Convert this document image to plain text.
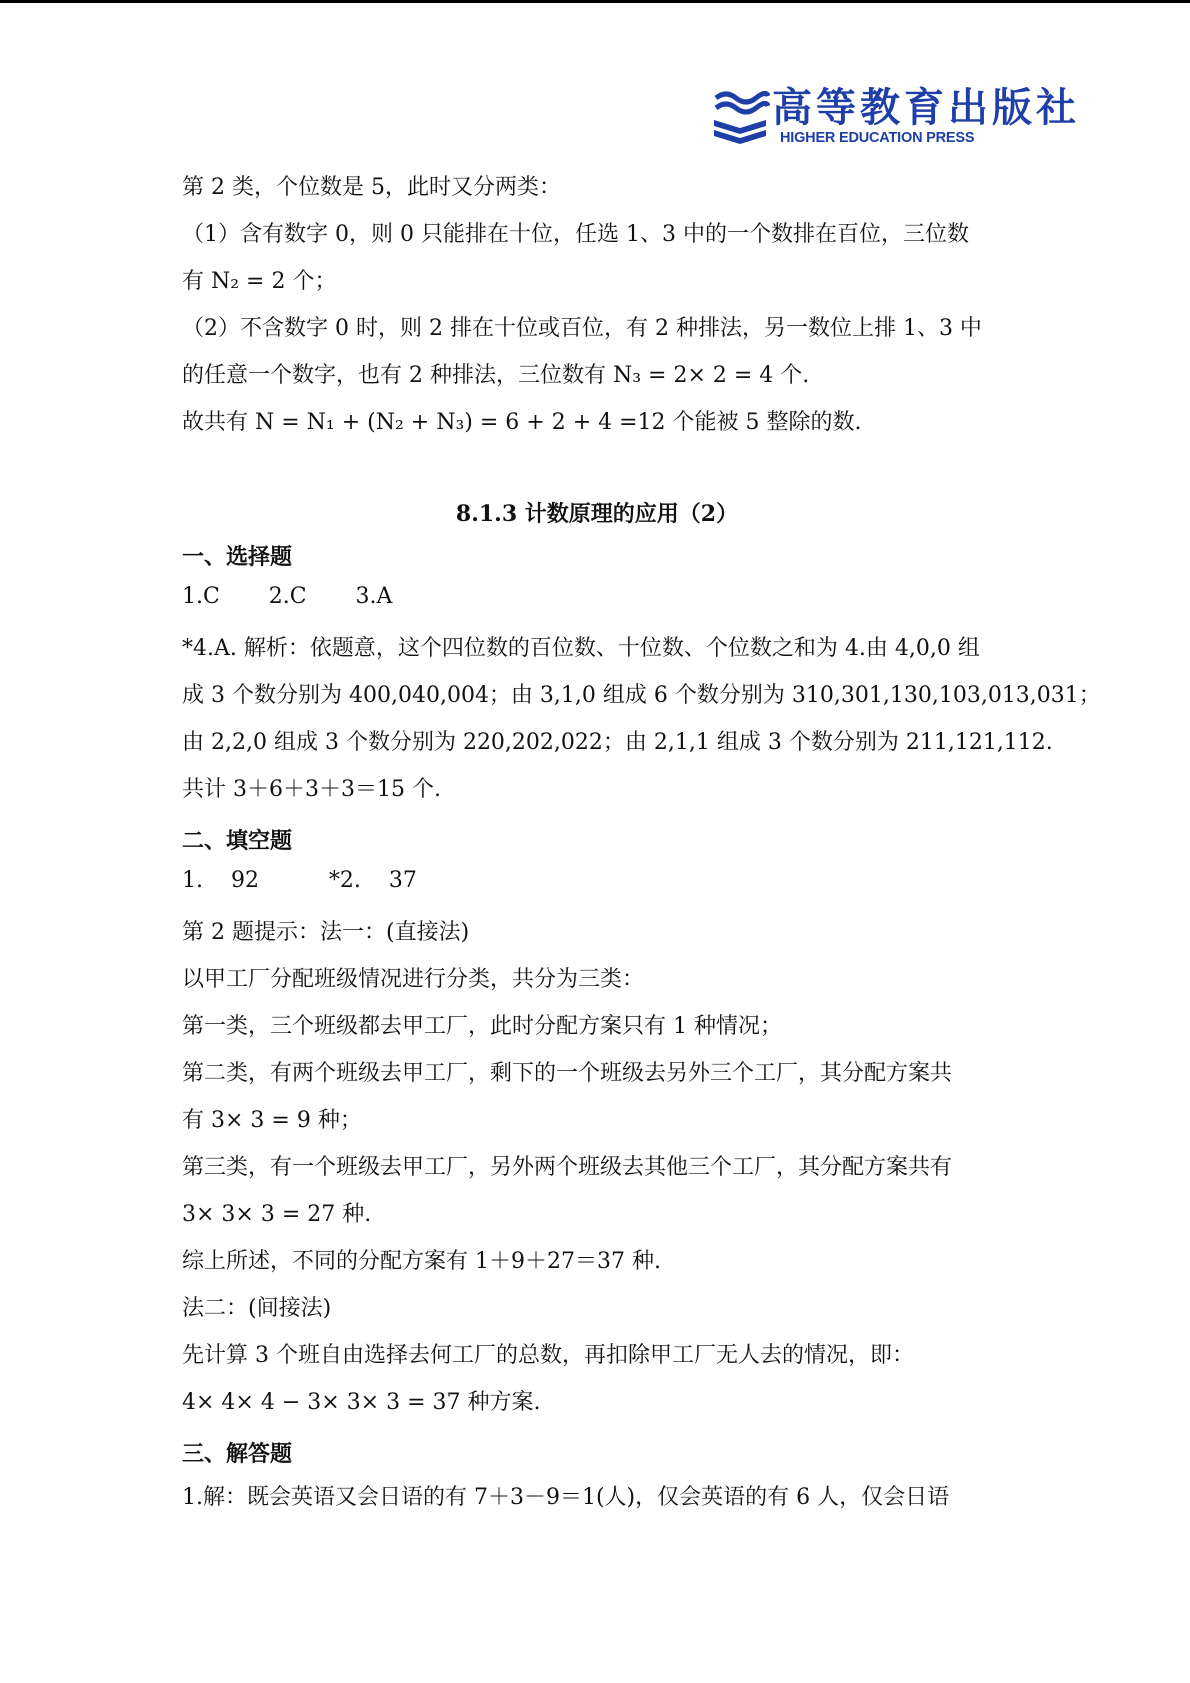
高等教育出版社
HIGHER EDUCATION PRESS

第 2 类，个位数是 5，此时又分两类：

（1）含有数字 0，则 0 只能排在十位，任选 1、3 中的一个数排在百位，三位数

有 N₂ = 2 个；

（2）不含数字 0 时，则 2 排在十位或百位，有 2 种排法，另一数位上排 1、3 中

的任意一个数字，也有 2 种排法，三位数有 N₃ = 2× 2 = 4 个.

故共有 N = N₁ + (N₂ + N₃) = 6 + 2 + 4 =12 个能被 5 整除的数.

8.1.3 计数原理的应用（2）

一、选择题

1.C       2.C       3.A

*4.A. 解析：依题意，这个四位数的百位数、十位数、个位数之和为 4.由 4,0,0 组

成 3 个数分别为 400,040,004；由 3,1,0 组成 6 个数分别为 310,301,130,103,013,031；

由 2,2,0 组成 3 个数分别为 220,202,022；由 2,1,1 组成 3 个数分别为 211,121,112.

共计 3＋6＋3＋3＝15 个.

二、填空题

1.    92          *2.    37

第 2 题提示：法一：(直接法)

以甲工厂分配班级情况进行分类，共分为三类：

第一类，三个班级都去甲工厂，此时分配方案只有 1 种情况；

第二类，有两个班级去甲工厂，剩下的一个班级去另外三个工厂，其分配方案共

有 3× 3 = 9 种；

第三类，有一个班级去甲工厂，另外两个班级去其他三个工厂，其分配方案共有

3× 3× 3 = 27 种.

综上所述，不同的分配方案有 1＋9＋27＝37 种.

法二：(间接法)

先计算 3 个班自由选择去何工厂的总数，再扣除甲工厂无人去的情况，即：

4× 4× 4 − 3× 3× 3 = 37 种方案.

三、解答题

1.解：既会英语又会日语的有 7＋3－9＝1(人)，仅会英语的有 6 人，仅会日语
